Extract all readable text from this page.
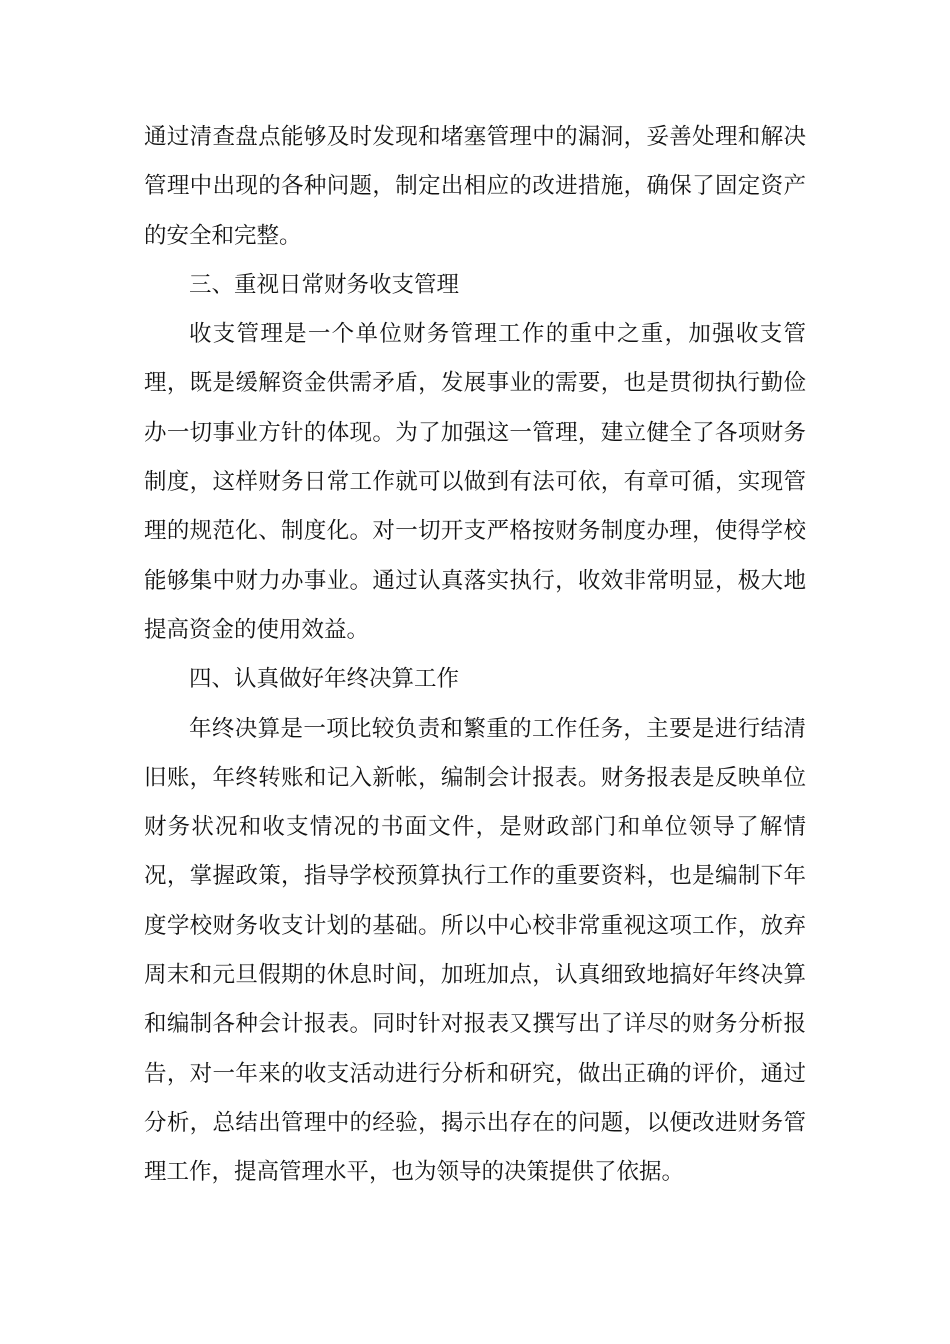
通过清查盘点能够及时发现和堵塞管理中的漏洞，妥善处理和解决管理中出现的各种问题，制定出相应的改进措施，确保了固定资产的安全和完整。

三、重视日常财务收支管理

收支管理是一个单位财务管理工作的重中之重，加强收支管理，既是缓解资金供需矛盾，发展事业的需要，也是贯彻执行勤俭办一切事业方针的体现。为了加强这一管理，建立健全了各项财务制度，这样财务日常工作就可以做到有法可依，有章可循，实现管理的规范化、制度化。对一切开支严格按财务制度办理，使得学校能够集中财力办事业。通过认真落实执行，收效非常明显，极大地提高资金的使用效益。

四、认真做好年终决算工作

年终决算是一项比较负责和繁重的工作任务，主要是进行结清旧账，年终转账和记入新帐，编制会计报表。财务报表是反映单位财务状况和收支情况的书面文件，是财政部门和单位领导了解情况，掌握政策，指导学校预算执行工作的重要资料，也是编制下年度学校财务收支计划的基础。所以中心校非常重视这项工作，放弃周末和元旦假期的休息时间，加班加点，认真细致地搞好年终决算和编制各种会计报表。同时针对报表又撰写出了详尽的财务分析报告，对一年来的收支活动进行分析和研究，做出正确的评价，通过分析，总结出管理中的经验，揭示出存在的问题，以便改进财务管理工作，提高管理水平，也为领导的决策提供了依据。
